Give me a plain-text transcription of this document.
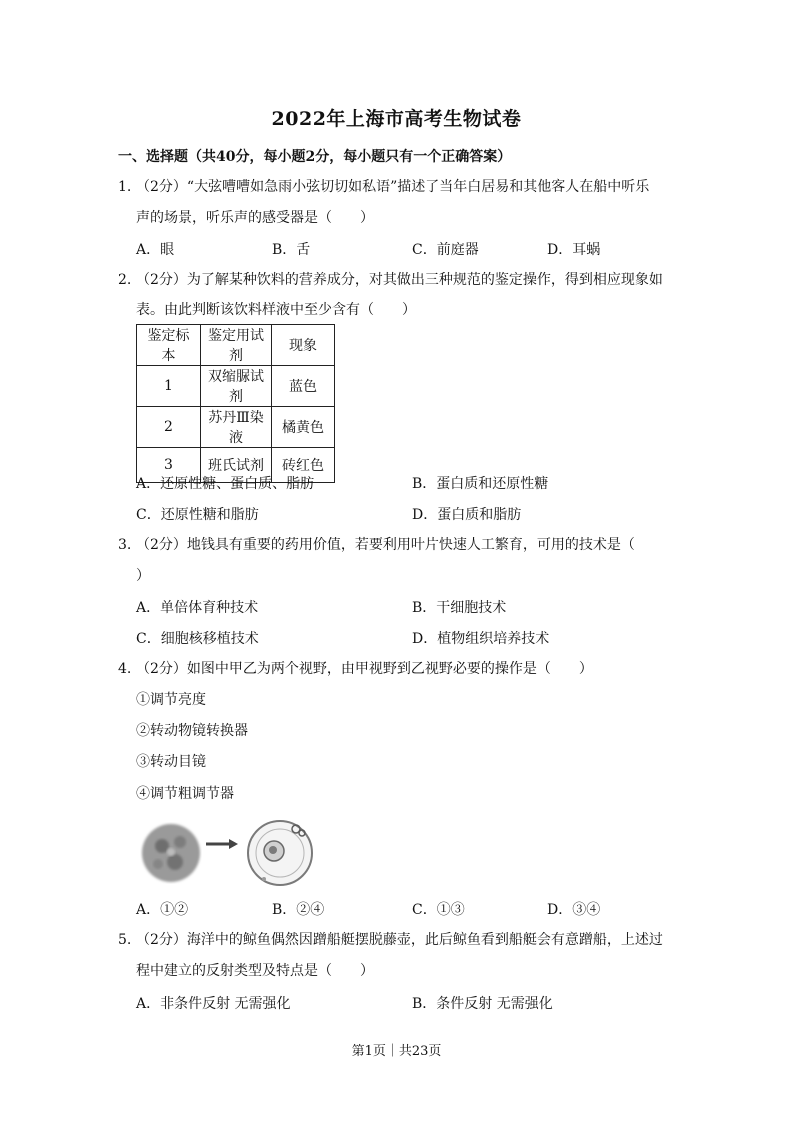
2022年上海市高考生物试卷
一、选择题（共40分，每小题2分，每小题只有一个正确答案）
1. （2分）“大弦嘈嘈如急雨小弦切切如私语”描述了当年白居易和其他客人在船中听乐
声的场景，听乐声的感受器是（　　）
A．眼	B．舌	C．前庭器	D．耳蜗
2. （2分）为了解某种饮料的营养成分，对其做出三种规范的鉴定操作，得到相应现象如
表。由此判断该饮料样液中至少含有（　　）
鉴定标本	鉴定用试剂	现象
1	双缩脲试剂	蓝色
2	苏丹Ⅲ染液	橘黄色
3	班氏试剂	砖红色
A．还原性糖、蛋白质、脂肪	B．蛋白质和还原性糖
C．还原性糖和脂肪	D．蛋白质和脂肪
3. （2分）地钱具有重要的药用价值，若要利用叶片快速人工繁育，可用的技术是（
）
A．单倍体育种技术	B．干细胞技术
C．细胞核移植技术	D．植物组织培养技术
4. （2分）如图中甲乙为两个视野，由甲视野到乙视野必要的操作是（　　）
①调节亮度
②转动物镜转换器
③转动目镜
④调节粗调节器
A．①②	B．②④	C．①③	D．③④
5. （2分）海洋中的鲸鱼偶然因蹭船艇摆脱藤壶，此后鲸鱼看到船艇会有意蹭船，上述过
程中建立的反射类型及特点是（　　）
A．非条件反射 无需强化	B．条件反射 无需强化
第1页｜共23页
